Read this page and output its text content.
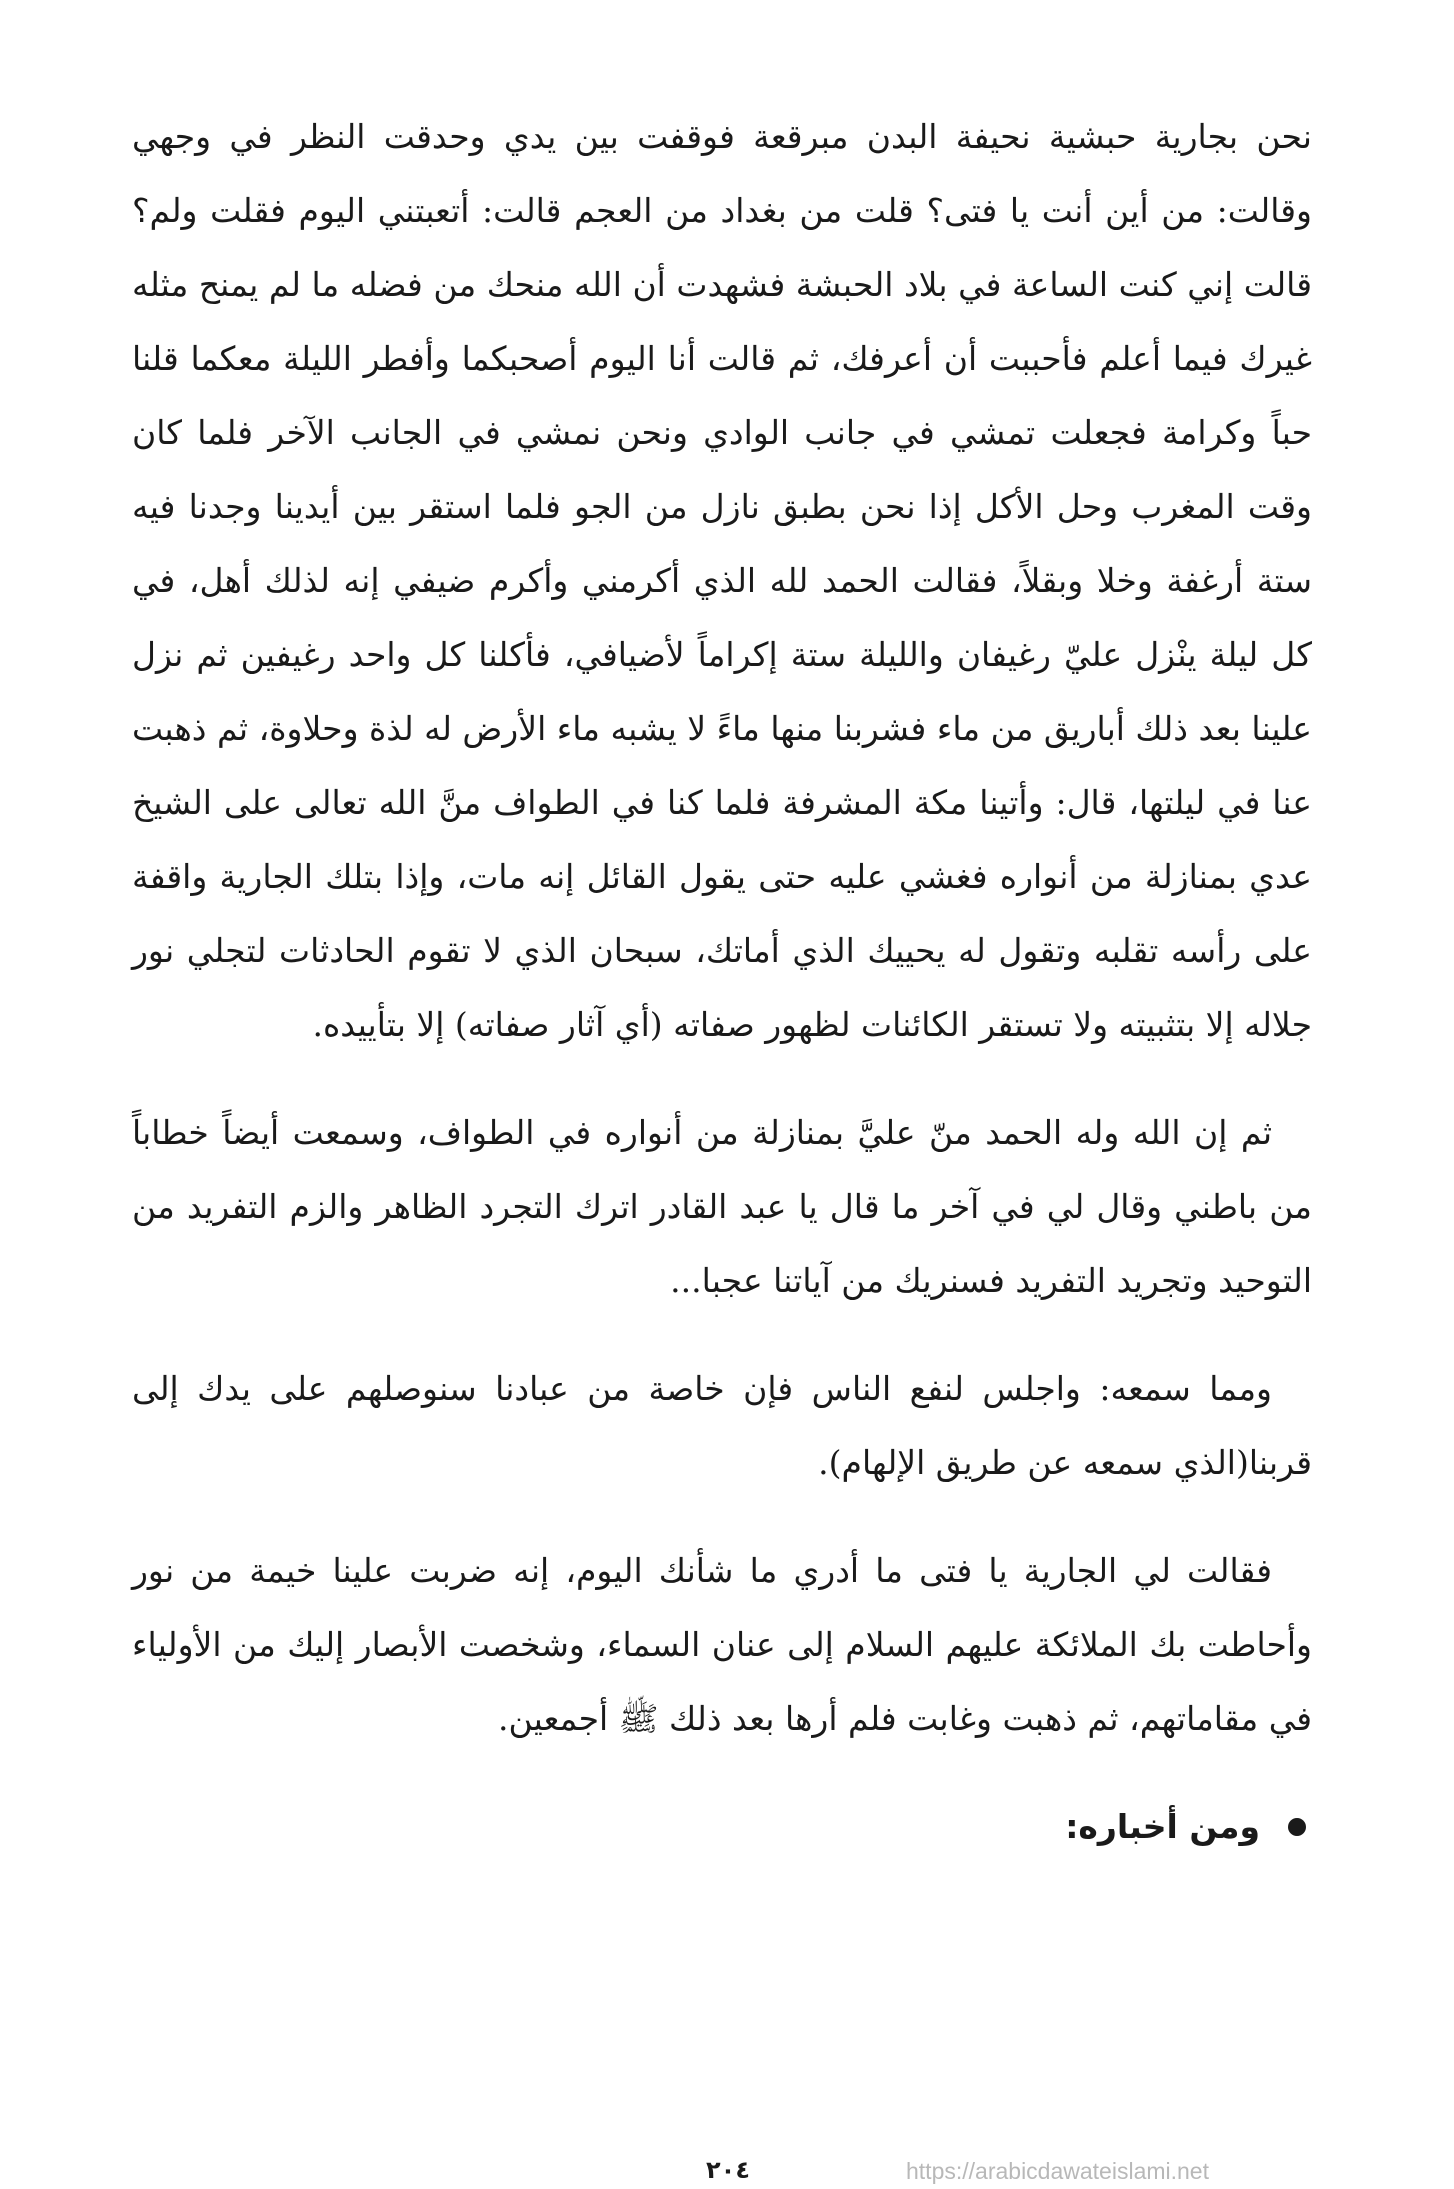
نحن بجارية حبشية نحيفة البدن مبرقعة فوقفت بين يدي وحدقت النظر في وجهي وقالت: من أين أنت يا فتى؟ قلت من بغداد من العجم قالت: أتعبتني اليوم فقلت ولم؟ قالت إني كنت الساعة في بلاد الحبشة فشهدت أن الله منحك من فضله ما لم يمنح مثله غيرك فيما أعلم فأحببت أن أعرفك، ثم قالت أنا اليوم أصحبكما وأفطر الليلة معكما قلنا حباً وكرامة فجعلت تمشي في جانب الوادي ونحن نمشي في الجانب الآخر فلما كان وقت المغرب وحل الأكل إذا نحن بطبق نازل من الجو فلما استقر بين أيدينا وجدنا فيه ستة أرغفة وخلا وبقلاً، فقالت الحمد لله الذي أكرمني وأكرم ضيفي إنه لذلك أهل، في كل ليلة ينْزل عليّ رغيفان والليلة ستة إكراماً لأضيافي، فأكلنا كل واحد رغيفين ثم نزل علينا بعد ذلك أباريق من ماء فشربنا منها ماءً لا يشبه ماء الأرض له لذة وحلاوة، ثم ذهبت عنا في ليلتها، قال: وأتينا مكة المشرفة فلما كنا في الطواف منَّ الله تعالى على الشيخ عدي بمنازلة من أنواره فغشي عليه حتى يقول القائل إنه مات، وإذا بتلك الجارية واقفة على رأسه تقلبه وتقول له يحييك الذي أماتك، سبحان الذي لا تقوم الحادثات لتجلي نور جلاله إلا بتثبيته ولا تستقر الكائنات لظهور صفاته (أي آثار صفاته) إلا بتأييده.

ثم إن الله وله الحمد منّ عليَّ بمنازلة من أنواره في الطواف، وسمعت أيضاً خطاباً من باطني وقال لي في آخر ما قال يا عبد القادر اترك التجرد الظاهر والزم التفريد من التوحيد وتجريد التفريد فسنريك من آياتنا عجبا...

ومما سمعه: واجلس لنفع الناس فإن خاصة من عبادنا سنوصلهم على يدك إلى قربنا(الذي سمعه عن طريق الإلهام).

فقالت لي الجارية يا فتى ما أدري ما شأنك اليوم، إنه ضربت علينا خيمة من نور وأحاطت بك الملائكة عليهم السلام إلى عنان السماء، وشخصت الأبصار إليك من الأولياء في مقاماتهم، ثم ذهبت وغابت فلم أرها بعد ذلك ﷺ أجمعين.

ومن أخباره:
٢٠٤	https://arabicdawateislami.net
